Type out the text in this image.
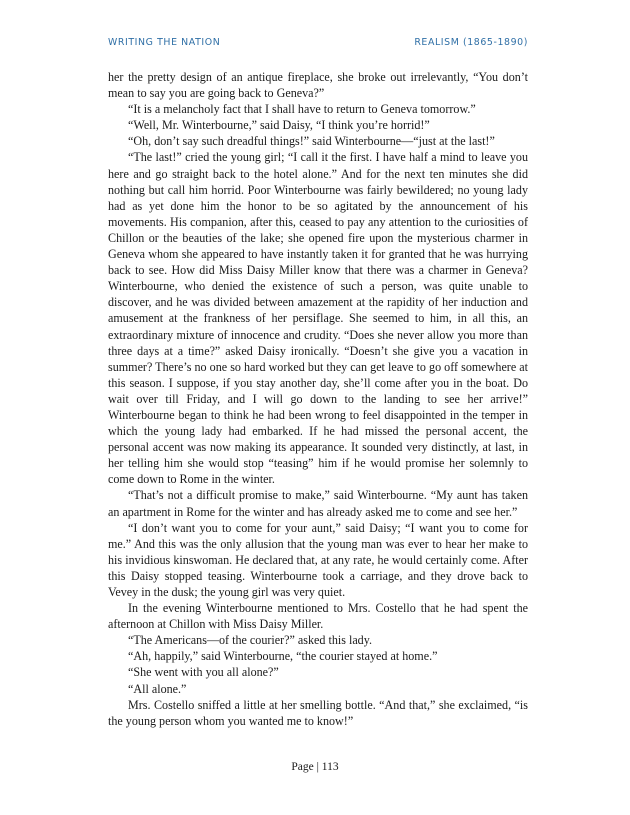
WRITING THE NATION	REALISM (1865-1890)

her the pretty design of an antique fireplace, she broke out irrelevantly, “You don’t mean to say you are going back to Geneva?”

“It is a melancholy fact that I shall have to return to Geneva tomorrow.”

“Well, Mr. Winterbourne,” said Daisy, “I think you’re horrid!”

“Oh, don’t say such dreadful things!” said Winterbourne—“just at the last!”

“The last!” cried the young girl; “I call it the first. I have half a mind to leave you here and go straight back to the hotel alone.” And for the next ten minutes she did nothing but call him horrid. Poor Winterbourne was fairly bewildered; no young lady had as yet done him the honor to be so agitated by the announcement of his movements. His companion, after this, ceased to pay any attention to the curiosities of Chillon or the beauties of the lake; she opened fire upon the mysterious charmer in Geneva whom she appeared to have instantly taken it for granted that he was hurrying back to see. How did Miss Daisy Miller know that there was a charmer in Geneva? Winterbourne, who denied the existence of such a person, was quite unable to discover, and he was divided between amazement at the rapidity of her induction and amusement at the frankness of her persiflage. She seemed to him, in all this, an extraordinary mixture of innocence and crudity. “Does she never allow you more than three days at a time?” asked Daisy ironically. “Doesn’t she give you a vacation in summer? There’s no one so hard worked but they can get leave to go off somewhere at this season. I suppose, if you stay another day, she’ll come after you in the boat. Do wait over till Friday, and I will go down to the landing to see her arrive!” Winterbourne began to think he had been wrong to feel disappointed in the temper in which the young lady had embarked. If he had missed the personal accent, the personal accent was now making its appearance. It sounded very distinctly, at last, in her telling him she would stop “teasing” him if he would promise her solemnly to come down to Rome in the winter.

“That’s not a difficult promise to make,” said Winterbourne. “My aunt has taken an apartment in Rome for the winter and has already asked me to come and see her.”

“I don’t want you to come for your aunt,” said Daisy; “I want you to come for me.” And this was the only allusion that the young man was ever to hear her make to his invidious kinswoman. He declared that, at any rate, he would certainly come. After this Daisy stopped teasing. Winterbourne took a carriage, and they drove back to Vevey in the dusk; the young girl was very quiet.

In the evening Winterbourne mentioned to Mrs. Costello that he had spent the afternoon at Chillon with Miss Daisy Miller.

“The Americans—of the courier?” asked this lady.

“Ah, happily,” said Winterbourne, “the courier stayed at home.”

“She went with you all alone?”

“All alone.”

Mrs. Costello sniffed a little at her smelling bottle. “And that,” she exclaimed, “is the young person whom you wanted me to know!”

Page | 113
